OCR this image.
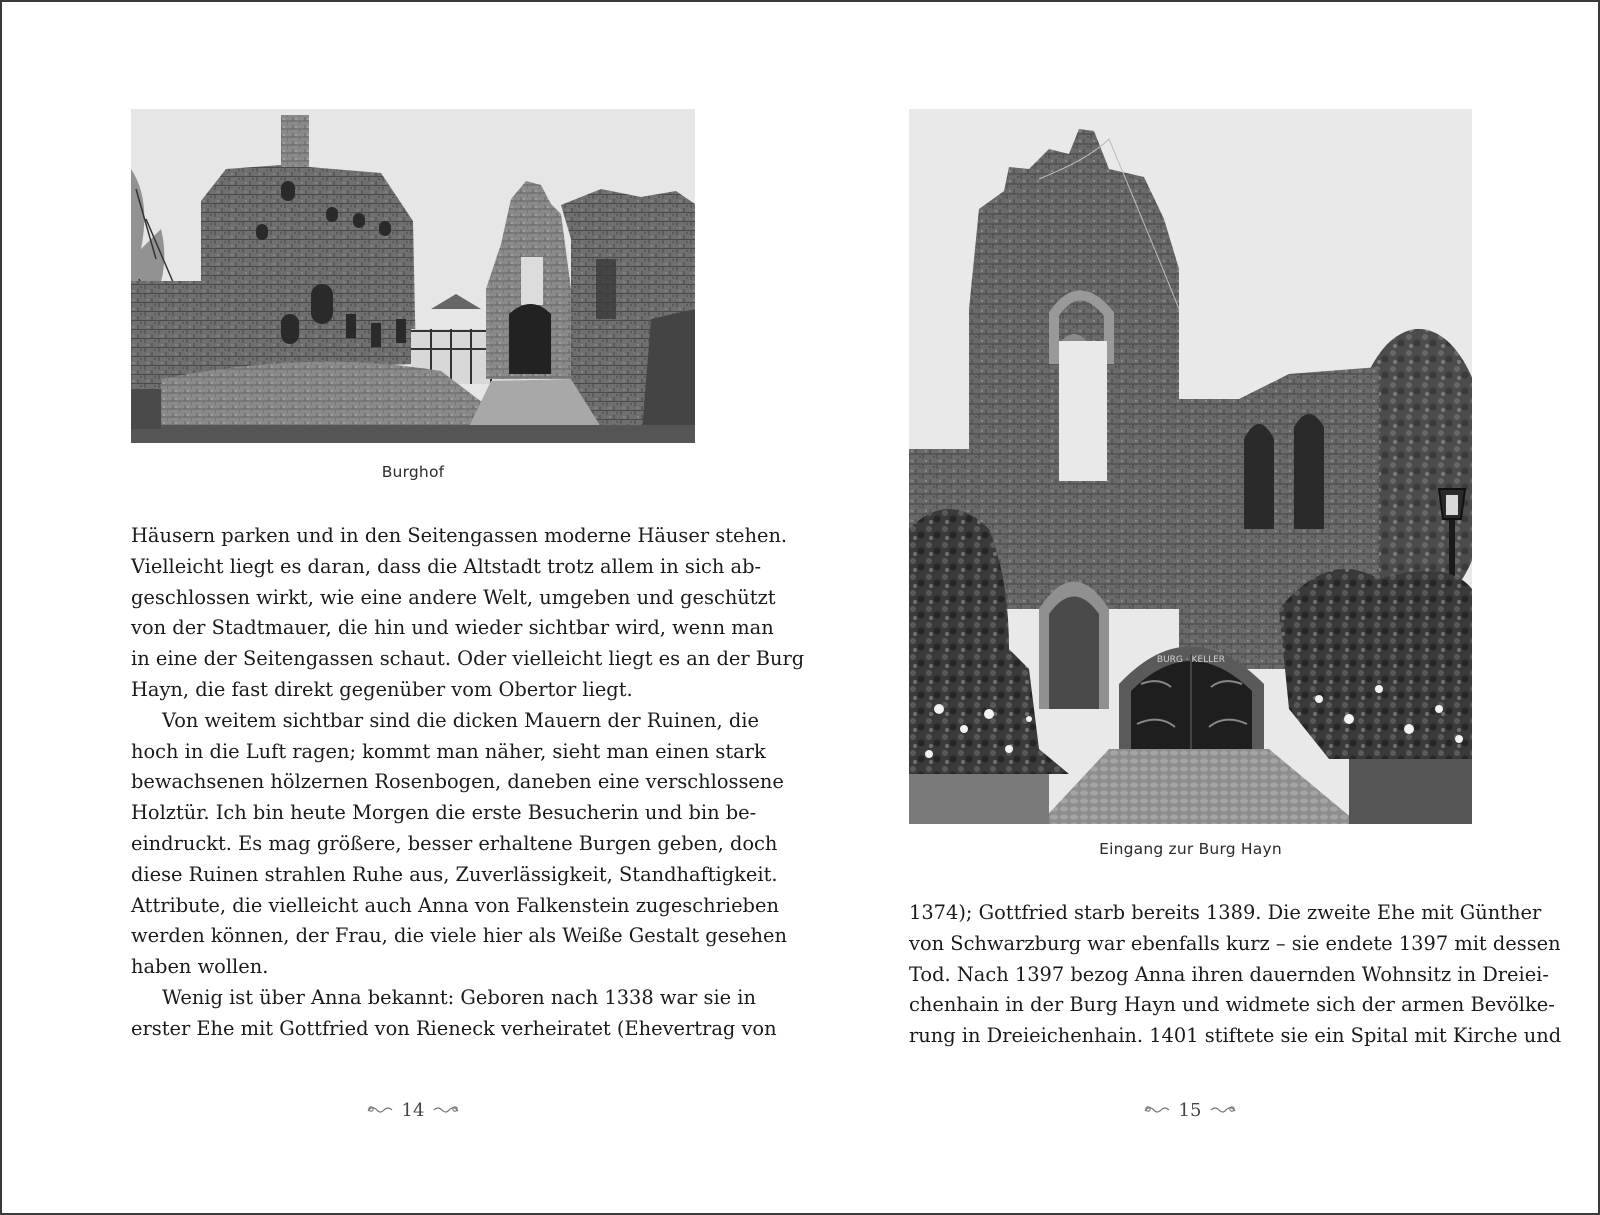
Burghof
Häusern parken und in den Seitengassen moderne Häuser stehen.
Vielleicht liegt es daran, dass die Altstadt trotz allem in sich ab-
geschlossen wirkt, wie eine andere Welt, umgeben und geschützt
von der Stadtmauer, die hin und wieder sichtbar wird, wenn man
in eine der Seitengassen schaut. Oder vielleicht liegt es an der Burg
Hayn, die fast direkt gegenüber vom Obertor liegt.
Von weitem sichtbar sind die dicken Mauern der Ruinen, die
hoch in die Luft ragen; kommt man näher, sieht man einen stark
bewachsenen hölzernen Rosenbogen, daneben eine verschlossene
Holztür. Ich bin heute Morgen die erste Besucherin und bin be-
eindruckt. Es mag größere, besser erhaltene Burgen geben, doch
diese Ruinen strahlen Ruhe aus, Zuverlässigkeit, Standhaftigkeit.
Attribute, die vielleicht auch Anna von Falkenstein zugeschrieben
werden können, der Frau, die viele hier als Weiße Gestalt gesehen
haben wollen.
Wenig ist über Anna bekannt: Geboren nach 1338 war sie in
erster Ehe mit Gottfried von Rieneck verheiratet (Ehevertrag von
14
BURG · KELLER
Eingang zur Burg Hayn
1374); Gottfried starb bereits 1389. Die zweite Ehe mit Günther
von Schwarzburg war ebenfalls kurz – sie endete 1397 mit dessen
Tod. Nach 1397 bezog Anna ihren dauernden Wohnsitz in Dreiei-
chenhain in der Burg Hayn und widmete sich der armen Bevölke-
rung in Dreieichenhain. 1401 stiftete sie ein Spital mit Kirche und
15
